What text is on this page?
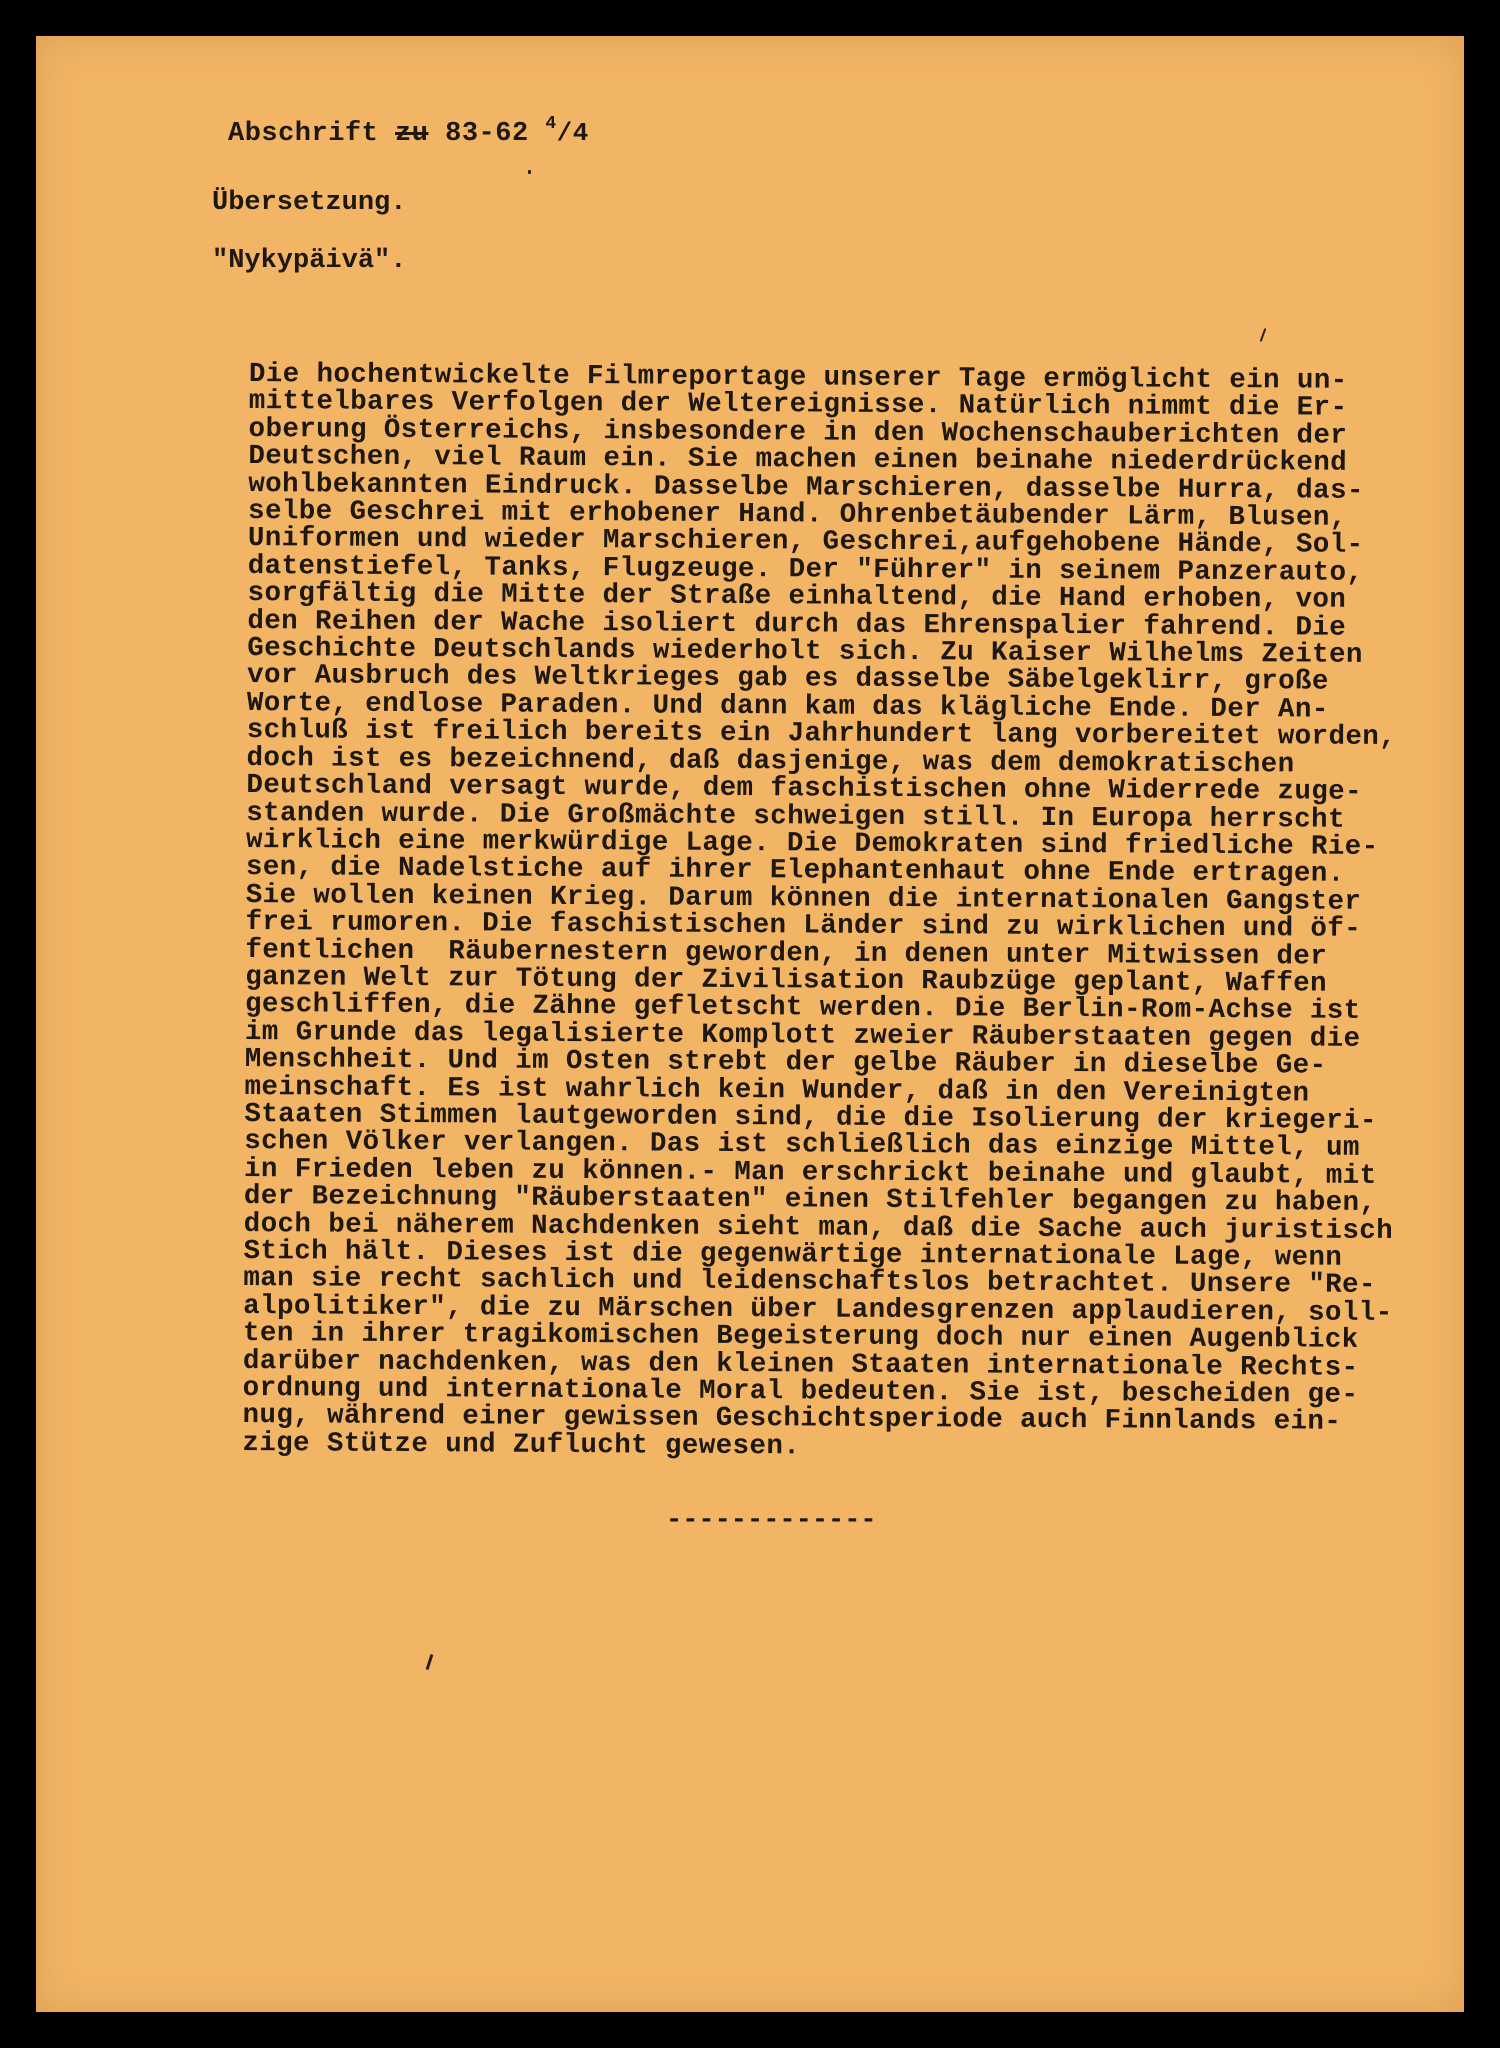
Abschrift zu 83-62 $^4$/4
Übersetzung.
"Nykypäivä".
Die hochentwickelte Filmreportage unserer Tage ermöglicht ein un-
mittelbares Verfolgen der Weltereignisse. Natürlich nimmt die Er-
oberung Österreichs, insbesondere in den Wochenschauberichten der
Deutschen, viel Raum ein. Sie machen einen beinahe niederdrückend
wohlbekannten Eindruck. Dasselbe Marschieren, dasselbe Hurra, das-
selbe Geschrei mit erhobener Hand. Ohrenbetäubender Lärm, Blusen,
Uniformen und wieder Marschieren, Geschrei,aufgehobene Hände, Sol-
datenstiefel, Tanks, Flugzeuge. Der "Führer" in seinem Panzerauto,
sorgfältig die Mitte der Straße einhaltend, die Hand erhoben, von
den Reihen der Wache isoliert durch das Ehrenspalier fahrend. Die
Geschichte Deutschlands wiederholt sich. Zu Kaiser Wilhelms Zeiten
vor Ausbruch des Weltkrieges gab es dasselbe Säbelgeklirr, große
Worte, endlose Paraden. Und dann kam das klägliche Ende. Der An-
schluß ist freilich bereits ein Jahrhundert lang vorbereitet worden,
doch ist es bezeichnend, daß dasjenige, was dem demokratischen
Deutschland versagt wurde, dem faschistischen ohne Widerrede zuge-
standen wurde. Die Großmächte schweigen still. In Europa herrscht
wirklich eine merkwürdige Lage. Die Demokraten sind friedliche Rie-
sen, die Nadelstiche auf ihrer Elephantenhaut ohne Ende ertragen.
Sie wollen keinen Krieg. Darum können die internationalen Gangster
frei rumoren. Die faschistischen Länder sind zu wirklichen und öf-
fentlichen  Räubernestern geworden, in denen unter Mitwissen der
ganzen Welt zur Tötung der Zivilisation Raubzüge geplant, Waffen
geschliffen, die Zähne gefletscht werden. Die Berlin-Rom-Achse ist
im Grunde das legalisierte Komplott zweier Räuberstaaten gegen die
Menschheit. Und im Osten strebt der gelbe Räuber in dieselbe Ge-
meinschaft. Es ist wahrlich kein Wunder, daß in den Vereinigten
Staaten Stimmen lautgeworden sind, die die Isolierung der kriegeri-
schen Völker verlangen. Das ist schließlich das einzige Mittel, um
in Frieden leben zu können.- Man erschrickt beinahe und glaubt, mit
der Bezeichnung "Räuberstaaten" einen Stilfehler begangen zu haben,
doch bei näherem Nachdenken sieht man, daß die Sache auch juristisch
Stich hält. Dieses ist die gegenwärtige internationale Lage, wenn
man sie recht sachlich und leidenschaftslos betrachtet. Unsere "Re-
alpolitiker", die zu Märschen über Landesgrenzen applaudieren, soll-
ten in ihrer tragikomischen Begeisterung doch nur einen Augenblick
darüber nachdenken, was den kleinen Staaten internationale Rechts-
ordnung und internationale Moral bedeuten. Sie ist, bescheiden ge-
nug, während einer gewissen Geschichtsperiode auch Finnlands ein-
zige Stütze und Zuflucht gewesen.
-------------
